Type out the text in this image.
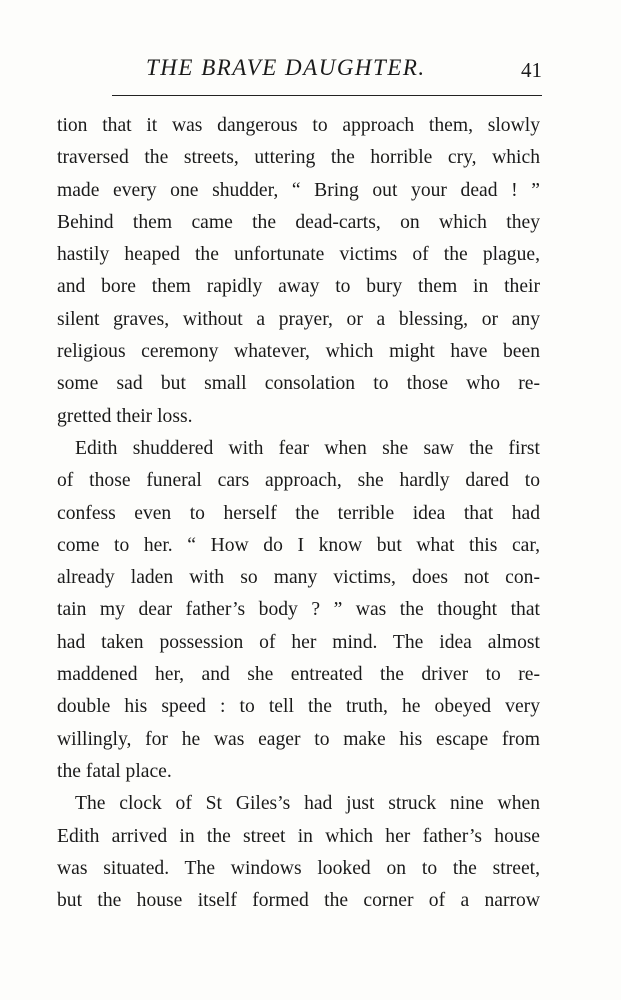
THE BRAVE DAUGHTER.	41
tion that it was dangerous to approach them, slowly
traversed the streets, uttering the horrible cry, which
made every one shudder, “ Bring out your dead ! ”
Behind them came the dead-carts, on which they
hastily heaped the unfortunate victims of the plague,
and bore them rapidly away to bury them in their
silent graves, without a prayer, or a blessing, or any
religious ceremony whatever, which might have been
some sad but small consolation to those who re-
gretted their loss.
Edith shuddered with fear when she saw the first
of those funeral cars approach, she hardly dared to
confess even to herself the terrible idea that had
come to her. “ How do I know but what this car,
already laden with so many victims, does not con-
tain my dear father’s body ? ” was the thought that
had taken possession of her mind. The idea almost
maddened her, and she entreated the driver to re-
double his speed : to tell the truth, he obeyed very
willingly, for he was eager to make his escape from
the fatal place.
The clock of St Giles’s had just struck nine when
Edith arrived in the street in which her father’s house
was situated. The windows looked on to the street,
but the house itself formed the corner of a narrow
